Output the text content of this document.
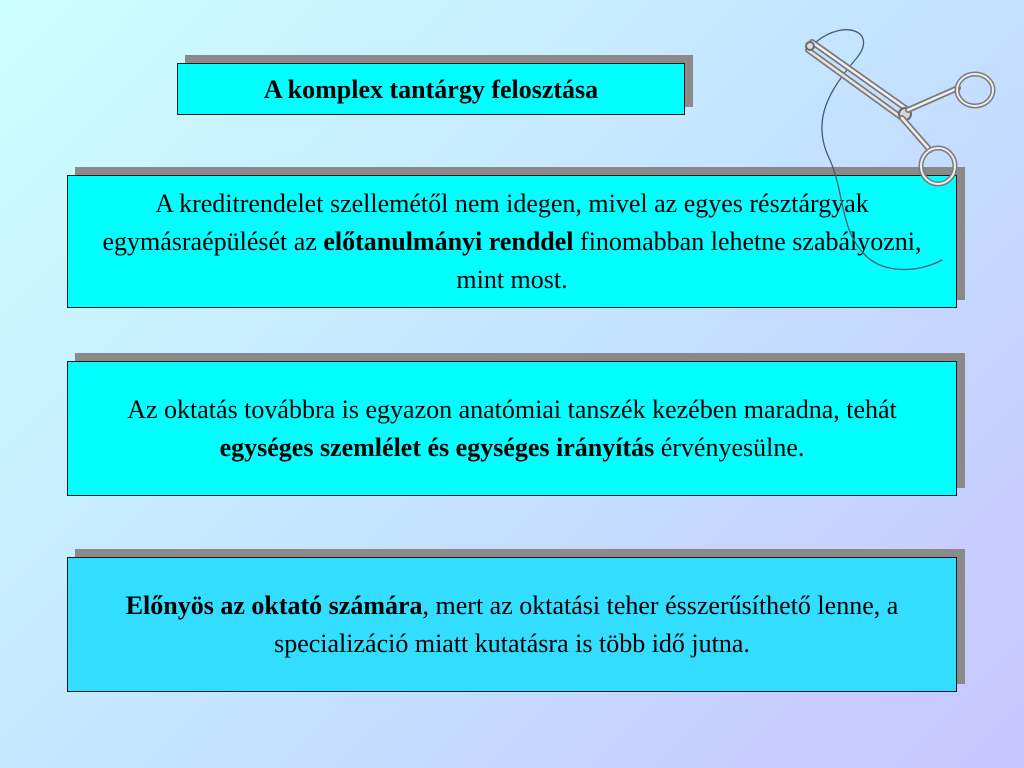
A komplex tantárgy felosztása
A kreditrendelet szellemétől nem idegen, mivel az egyes résztárgyak egymásraépülését az előtanulmányi renddel finomabban lehetne szabályozni, mint most.
Az oktatás továbbra is egyazon anatómiai tanszék kezében maradna, tehát egységes szemlélet és egységes irányítás érvényesülne.
Előnyös az oktató számára, mert az oktatási teher ésszerűsíthető lenne, a specializáció miatt kutatásra is több idő jutna.
